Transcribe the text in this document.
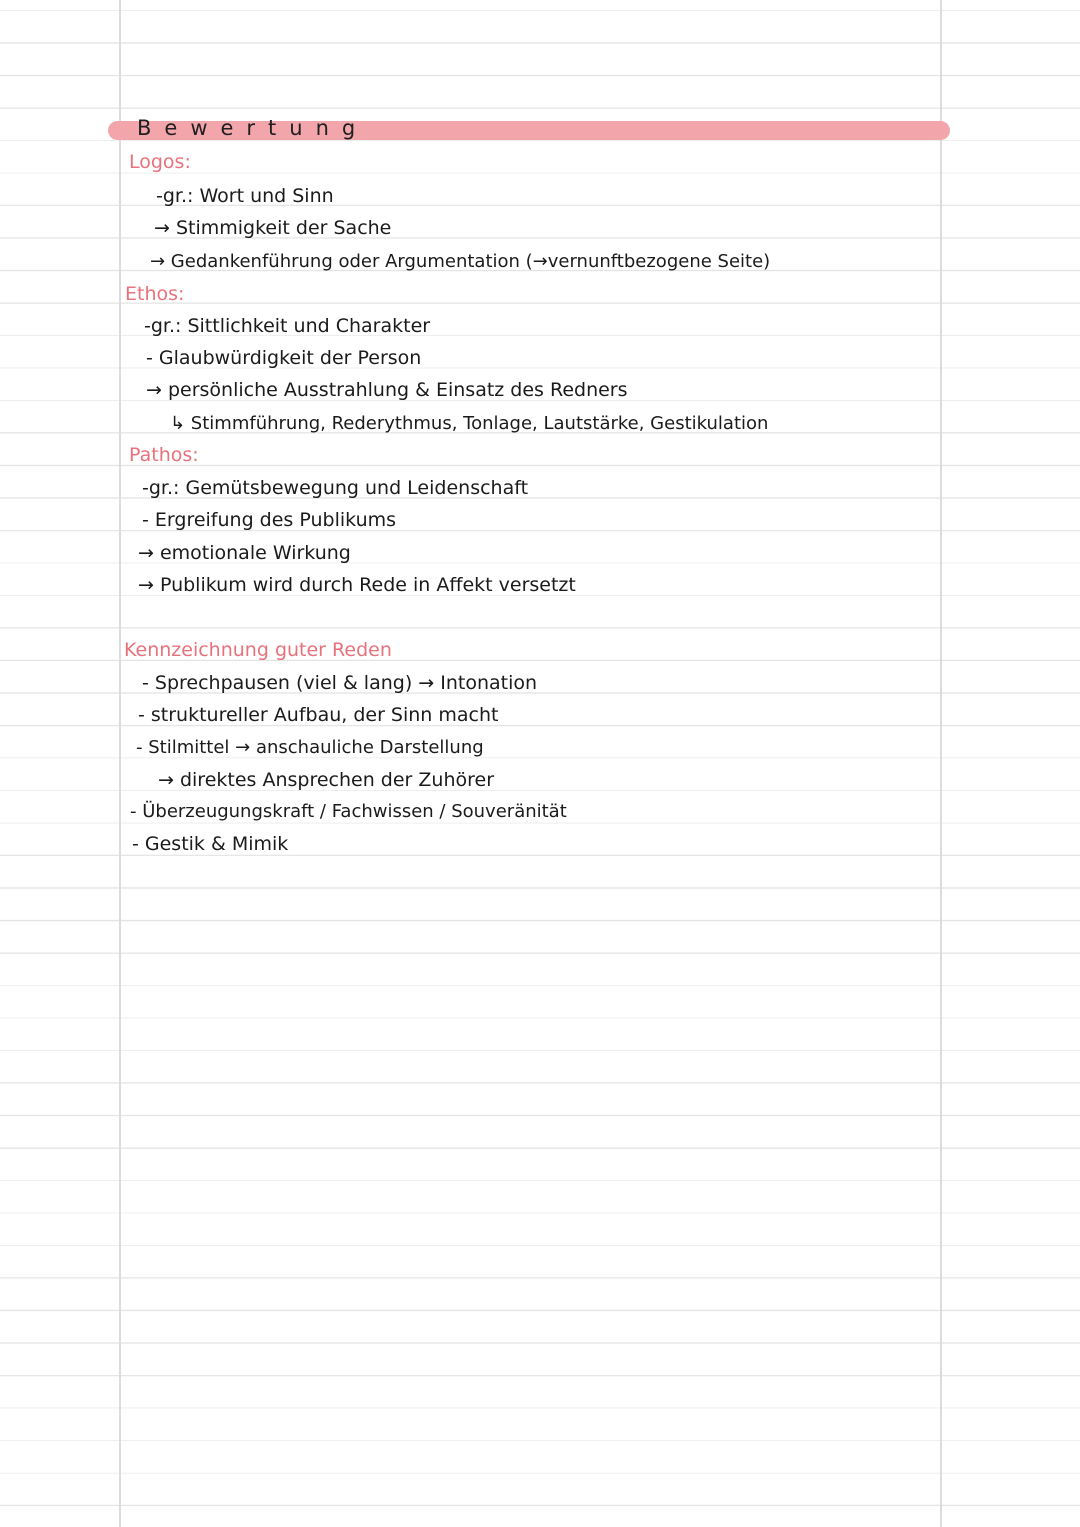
Bewertung
Logos:
-gr.: Wort und Sinn
→ Stimmigkeit der Sache
→ Gedankenführung oder Argumentation (→vernunftbezogene Seite)
Ethos:
-gr.: Sittlichkeit und Charakter
- Glaubwürdigkeit der Person
→ persönliche Ausstrahlung & Einsatz des Redners
↳ Stimmführung, Rederythmus, Tonlage, Lautstärke, Gestikulation
Pathos:
-gr.: Gemütsbewegung und Leidenschaft
- Ergreifung des Publikums
→ emotionale Wirkung
→ Publikum wird durch Rede in Affekt versetzt
Kennzeichnung guter Reden
- Sprechpausen (viel & lang) → Intonation
- struktureller Aufbau, der Sinn macht
- Stilmittel → anschauliche Darstellung
→ direktes Ansprechen der Zuhörer
- Überzeugungskraft / Fachwissen / Souveränität
- Gestik & Mimik
